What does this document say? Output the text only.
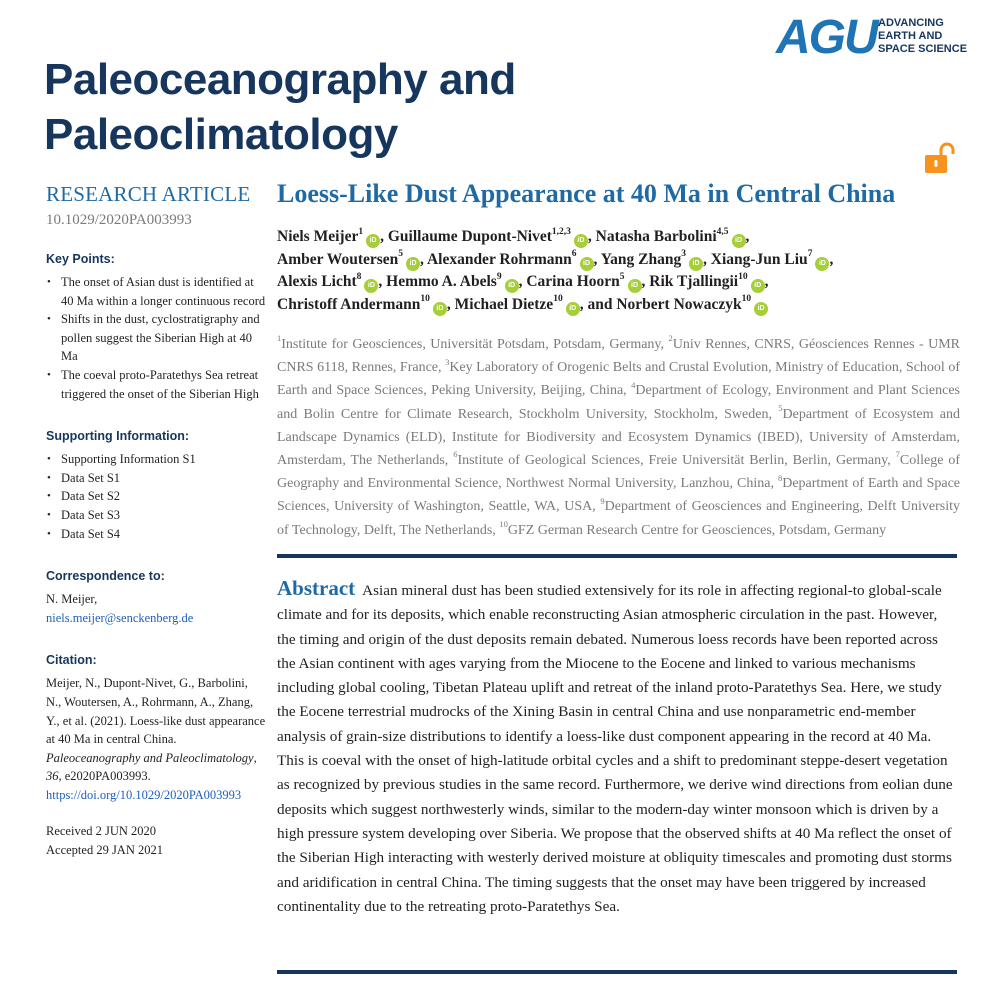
Paleoceanography and
Paleoclimatology
AGU ADVANCING
EARTH AND
SPACE SCIENCE
RESEARCH ARTICLE
10.1029/2020PA003993
Key Points:
• The onset of Asian dust is identified at 40 Ma within a longer continuous record
• Shifts in the dust, cyclostratigraphy and pollen suggest the Siberian High at 40 Ma
• The coeval proto-Paratethys Sea retreat triggered the onset of the Siberian High
Supporting Information:
• Supporting Information S1
• Data Set S1
• Data Set S2
• Data Set S3
• Data Set S4
Correspondence to:
N. Meijer,
niels.meijer@senckenberg.de
Citation:
Meijer, N., Dupont-Nivet, G., Barbolini, N., Woutersen, A., Rohrmann, A., Zhang, Y., et al. (2021). Loess-like dust appearance at 40 Ma in central China. Paleoceanography and Paleoclimatology, 36, e2020PA003993. https://doi.org/10.1029/2020PA003993
Received 2 JUN 2020
Accepted 29 JAN 2021
Loess-Like Dust Appearance at 40 Ma in Central China
Niels Meijer$^1$iD , Guillaume Dupont-Nivet$^{1,2,3}$iD , Natasha Barbolini$^{4,5}$iD ,
Amber Woutersen$^5$iD , Alexander Rohrmann$^6$iD , Yang Zhang$^3$iD , Xiang-Jun Liu$^7$iD ,
Alexis Licht$^8$iD , Hemmo A. Abels$^9$iD , Carina Hoorn$^5$iD , Rik Tjallingii$^{10}$iD ,
Christoff Andermann$^{10}$iD , Michael Dietze$^{10}$iD , and Norbert Nowaczyk$^{10}$iD
$^1$Institute for Geosciences, Universität Potsdam, Potsdam, Germany, $^2$Univ Rennes, CNRS, Géosciences Rennes - UMR CNRS 6118, Rennes, France, $^3$Key Laboratory of Orogenic Belts and Crustal Evolution, Ministry of Education, School of Earth and Space Sciences, Peking University, Beijing, China, $^4$Department of Ecology, Environment and Plant Sciences and Bolin Centre for Climate Research, Stockholm University, Stockholm, Sweden, $^5$Department of Ecosystem and Landscape Dynamics (ELD), Institute for Biodiversity and Ecosystem Dynamics (IBED), University of Amsterdam, Amsterdam, The Netherlands, $^6$Institute of Geological Sciences, Freie Universität Berlin, Berlin, Germany, $^7$College of Geography and Environmental Science, Northwest Normal University, Lanzhou, China, $^8$Department of Earth and Space Sciences, University of Washington, Seattle, WA, USA, $^9$Department of Geosciences and Engineering, Delft University of Technology, Delft, The Netherlands, $^{10}$GFZ German Research Centre for Geosciences, Potsdam, Germany
Abstract Asian mineral dust has been studied extensively for its role in affecting regional-to global-scale climate and for its deposits, which enable reconstructing Asian atmospheric circulation in the past. However, the timing and origin of the dust deposits remain debated. Numerous loess records have been reported across the Asian continent with ages varying from the Miocene to the Eocene and linked to various mechanisms including global cooling, Tibetan Plateau uplift and retreat of the inland proto-Paratethys Sea. Here, we study the Eocene terrestrial mudrocks of the Xining Basin in central China and use nonparametric end-member analysis of grain-size distributions to identify a loess-like dust component appearing in the record at 40 Ma. This is coeval with the onset of high-latitude orbital cycles and a shift to predominant steppe-desert vegetation as recognized by previous studies in the same record. Furthermore, we derive wind directions from eolian dune deposits which suggest northwesterly winds, similar to the modern-day winter monsoon which is driven by a high pressure system developing over Siberia. We propose that the observed shifts at 40 Ma reflect the onset of the Siberian High interacting with westerly derived moisture at obliquity timescales and promoting dust storms and aridification in central China. The timing suggests that the onset may have been triggered by increased continentality due to the retreating proto-Paratethys Sea.
